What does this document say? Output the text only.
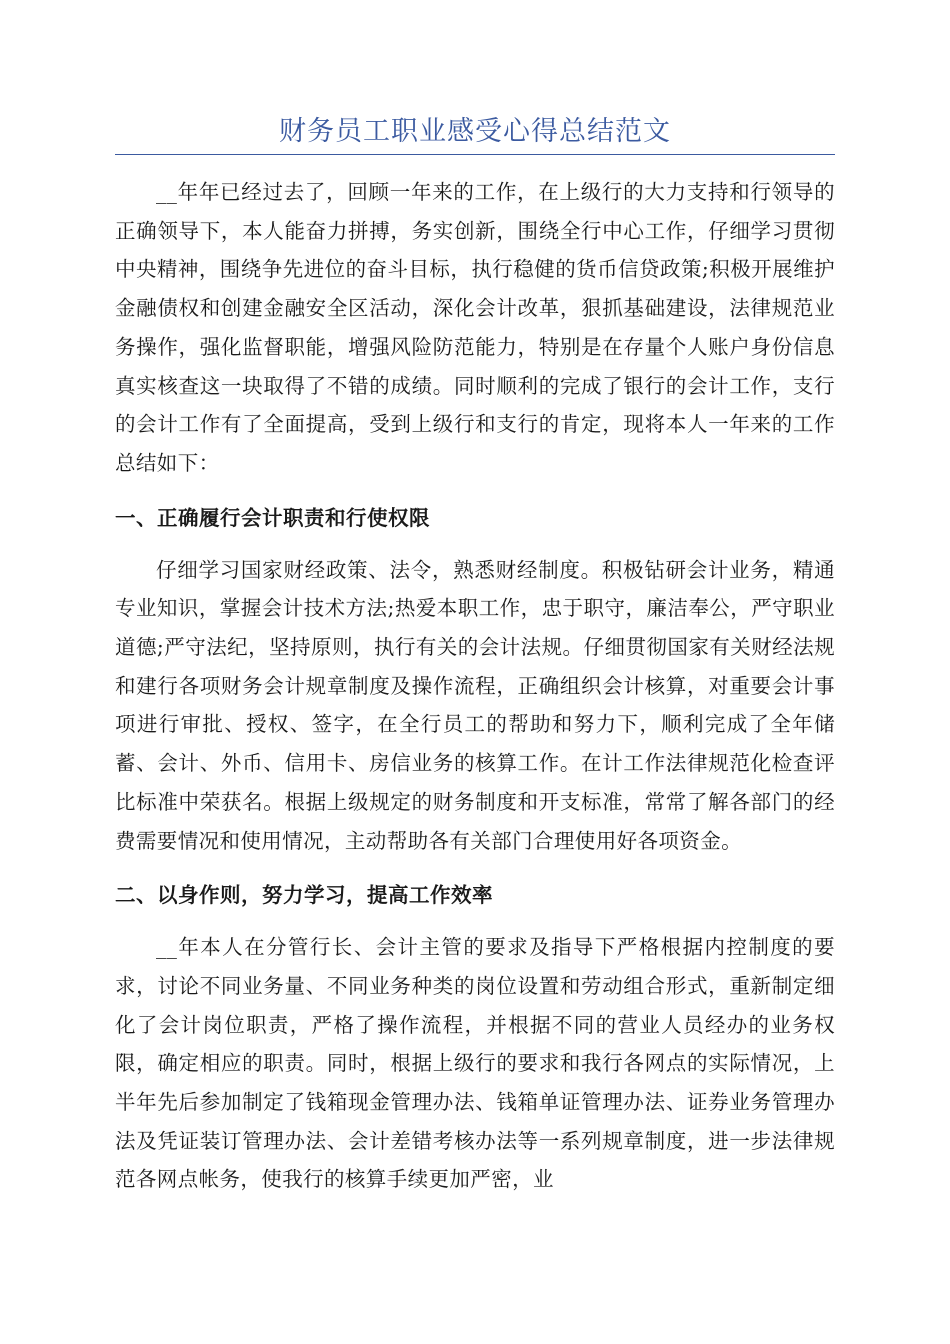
财务员工职业感受心得总结范文

__年年已经过去了，回顾一年来的工作，在上级行的大力支持和行领导的正确领导下，本人能奋力拼搏，务实创新，围绕全行中心工作，仔细学习贯彻中央精神，围绕争先进位的奋斗目标，执行稳健的货币信贷政策;积极开展维护金融债权和创建金融安全区活动，深化会计改革，狠抓基础建设，法律规范业务操作，强化监督职能，增强风险防范能力，特别是在存量个人账户身份信息真实核查这一块取得了不错的成绩。同时顺利的完成了银行的会计工作，支行的会计工作有了全面提高，受到上级行和支行的肯定，现将本人一年来的工作总结如下：

一、正确履行会计职责和行使权限

仔细学习国家财经政策、法令，熟悉财经制度。积极钻研会计业务，精通专业知识，掌握会计技术方法;热爱本职工作，忠于职守，廉洁奉公，严守职业道德;严守法纪，坚持原则，执行有关的会计法规。仔细贯彻国家有关财经法规和建行各项财务会计规章制度及操作流程，正确组织会计核算，对重要会计事项进行审批、授权、签字，在全行员工的帮助和努力下，顺利完成了全年储蓄、会计、外币、信用卡、房信业务的核算工作。在计工作法律规范化检查评比标准中荣获名。根据上级规定的财务制度和开支标准，常常了解各部门的经费需要情况和使用情况，主动帮助各有关部门合理使用好各项资金。

二、以身作则，努力学习，提高工作效率

__年本人在分管行长、会计主管的要求及指导下严格根据内控制度的要求，讨论不同业务量、不同业务种类的岗位设置和劳动组合形式，重新制定细化了会计岗位职责，严格了操作流程，并根据不同的营业人员经办的业务权限，确定相应的职责。同时，根据上级行的要求和我行各网点的实际情况，上半年先后参加制定了钱箱现金管理办法、钱箱单证管理办法、证券业务管理办法及凭证装订管理办法、会计差错考核办法等一系列规章制度，进一步法律规范各网点帐务，使我行的核算手续更加严密，业
